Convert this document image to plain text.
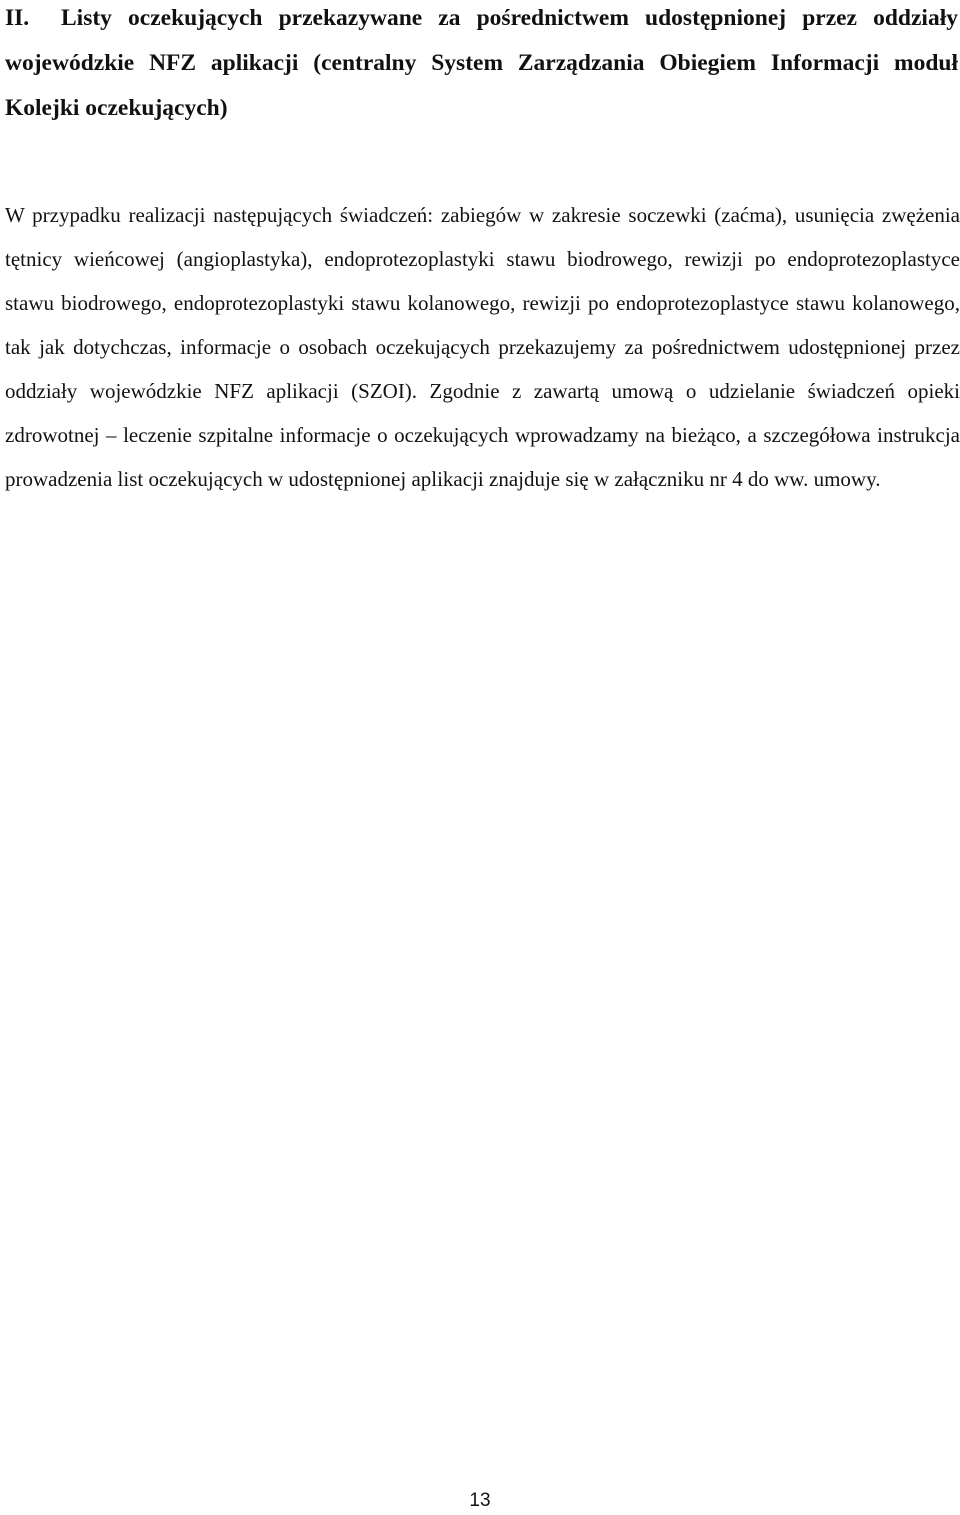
II. Listy oczekujących przekazywane za pośrednictwem udostępnionej przez oddziały wojewódzkie NFZ aplikacji (centralny System Zarządzania Obiegiem Informacji moduł Kolejki oczekujących)

W przypadku realizacji następujących świadczeń: zabiegów w zakresie soczewki (zaćma), usunięcia zwężenia tętnicy wieńcowej (angioplastyka), endoprotezoplastyki stawu biodrowego, rewizji po endoprotezoplastyce stawu biodrowego, endoprotezoplastyki stawu kolanowego, rewizji po endoprotezoplastyce stawu kolanowego, tak jak dotychczas, informacje o osobach oczekujących przekazujemy za pośrednictwem udostępnionej przez oddziały wojewódzkie NFZ aplikacji (SZOI). Zgodnie z zawartą umową o udzielanie świadczeń opieki zdrowotnej – leczenie szpitalne informacje o oczekujących wprowadzamy na bieżąco, a szczegółowa instrukcja prowadzenia list oczekujących w udostępnionej aplikacji znajduje się w załączniku nr 4 do ww. umowy.

13
